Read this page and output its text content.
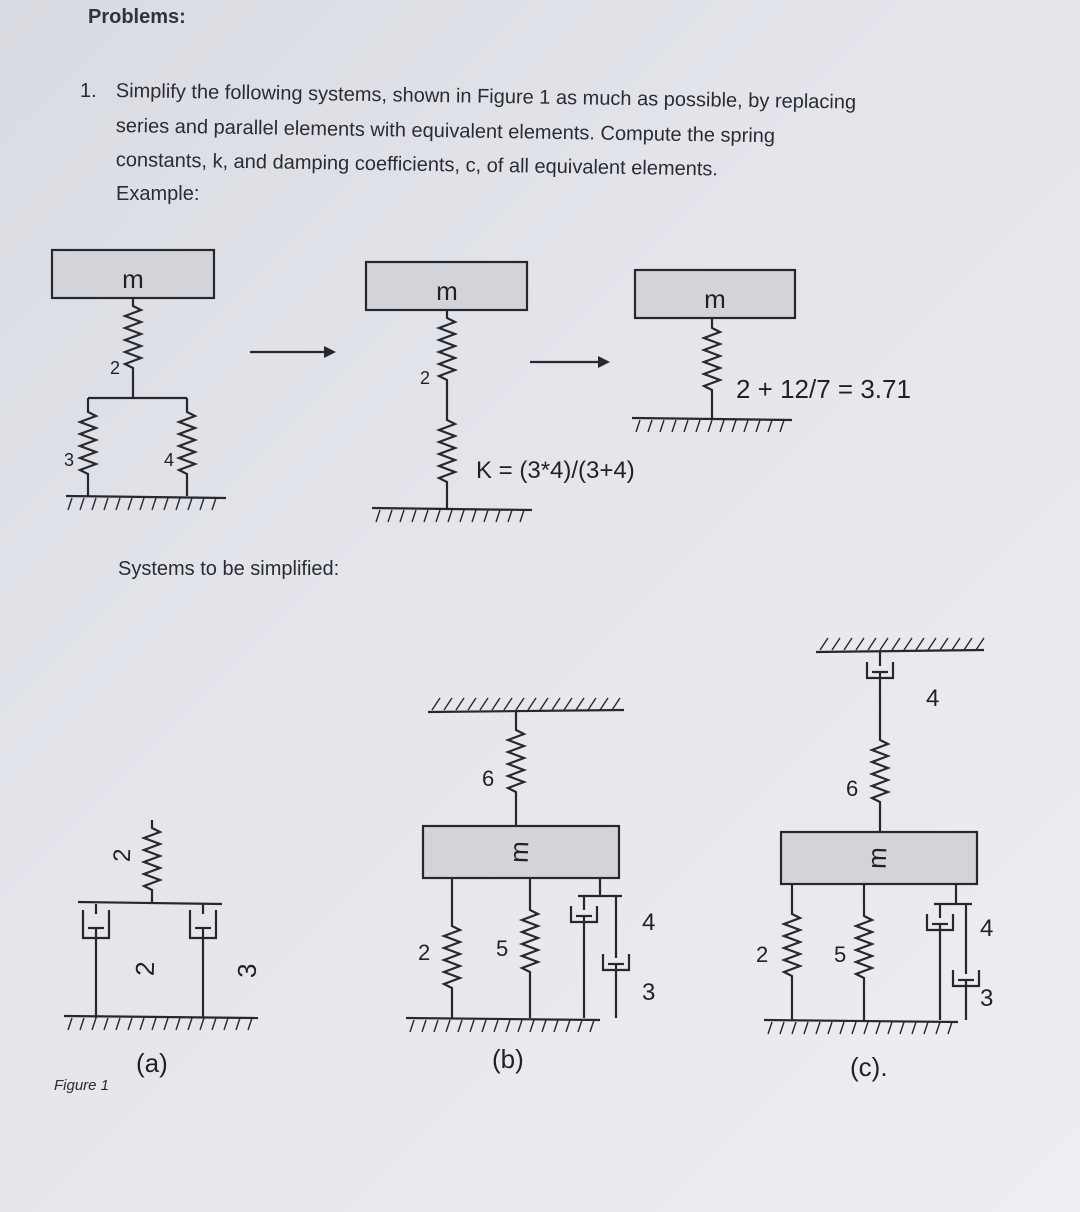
Problems:
1. Simplify the following systems, shown in Figure 1 as much as possible, by replacing
series and parallel elements with equivalent elements. Compute the spring
constants, k, and damping coefficients, c, of all equivalent elements.
Example:
Systems to be simplified:
Figure 1
m
2
3	4
m
2
K = (3*4)/(3+4)
m
2 + 12/7 = 3.71
2
2	3
(a)
6
m
2	5
4
3
(b)
4
6
m
2	5
4
3
(c).
